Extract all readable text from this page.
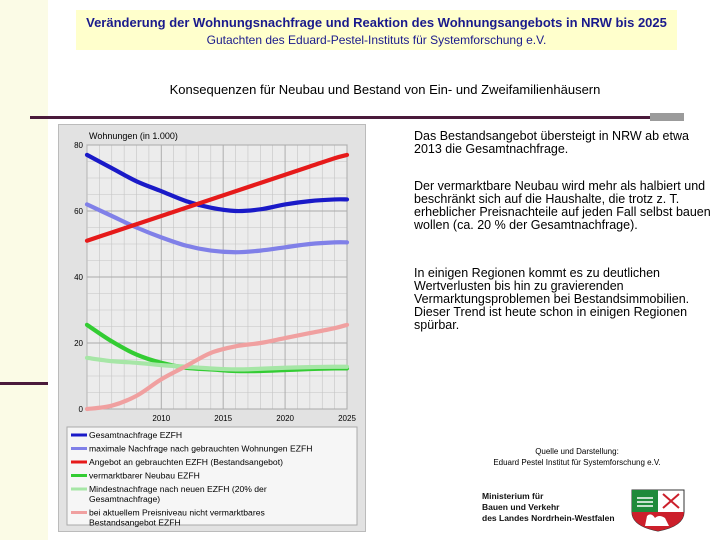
Veränderung der Wohnungsnachfrage und Reaktion des Wohnungsangebots in NRW bis 2025
Gutachten des Eduard-Pestel-Instituts für Systemforschung e.V.
Konsequenzen für Neubau und Bestand von Ein- und Zweifamilienhäusern
Wohnungen (in 1.000)
0
20
40
60
80
2010	2015	2020	2025
Gesamtnachfrage EZFH
maximale Nachfrage nach gebrauchten Wohnungen EZFH
Angebot an gebrauchten EZFH (Bestandsangebot)
vermarktbarer Neubau EZFH
Mindestnachfrage nach neuen EZFH (20% der
Gesamtnachfrage)
bei aktuellem Preisniveau nicht vermarktbares
Bestandsangebot EZFH
Das Bestandsangebot übersteigt in NRW ab etwa 2013 die Gesamtnachfrage.
Der vermarktbare Neubau wird mehr als halbiert und beschränkt sich auf die Haushalte, die trotz z. T. erheblicher Preisnachteile auf jeden Fall selbst bauen wollen (ca. 20 % der Gesamtnachfrage).
In einigen Regionen kommt es zu deutlichen Wertverlusten bis hin zu gravierenden Vermarktungsproblemen bei Bestandsimmobilien. Dieser Trend ist heute schon in einigen Regionen spürbar.
Quelle und Darstellung:
Eduard Pestel Institut für Systemforschung e.V.
Ministerium für
Bauen und Verkehr
des Landes Nordrhein-Westfalen
